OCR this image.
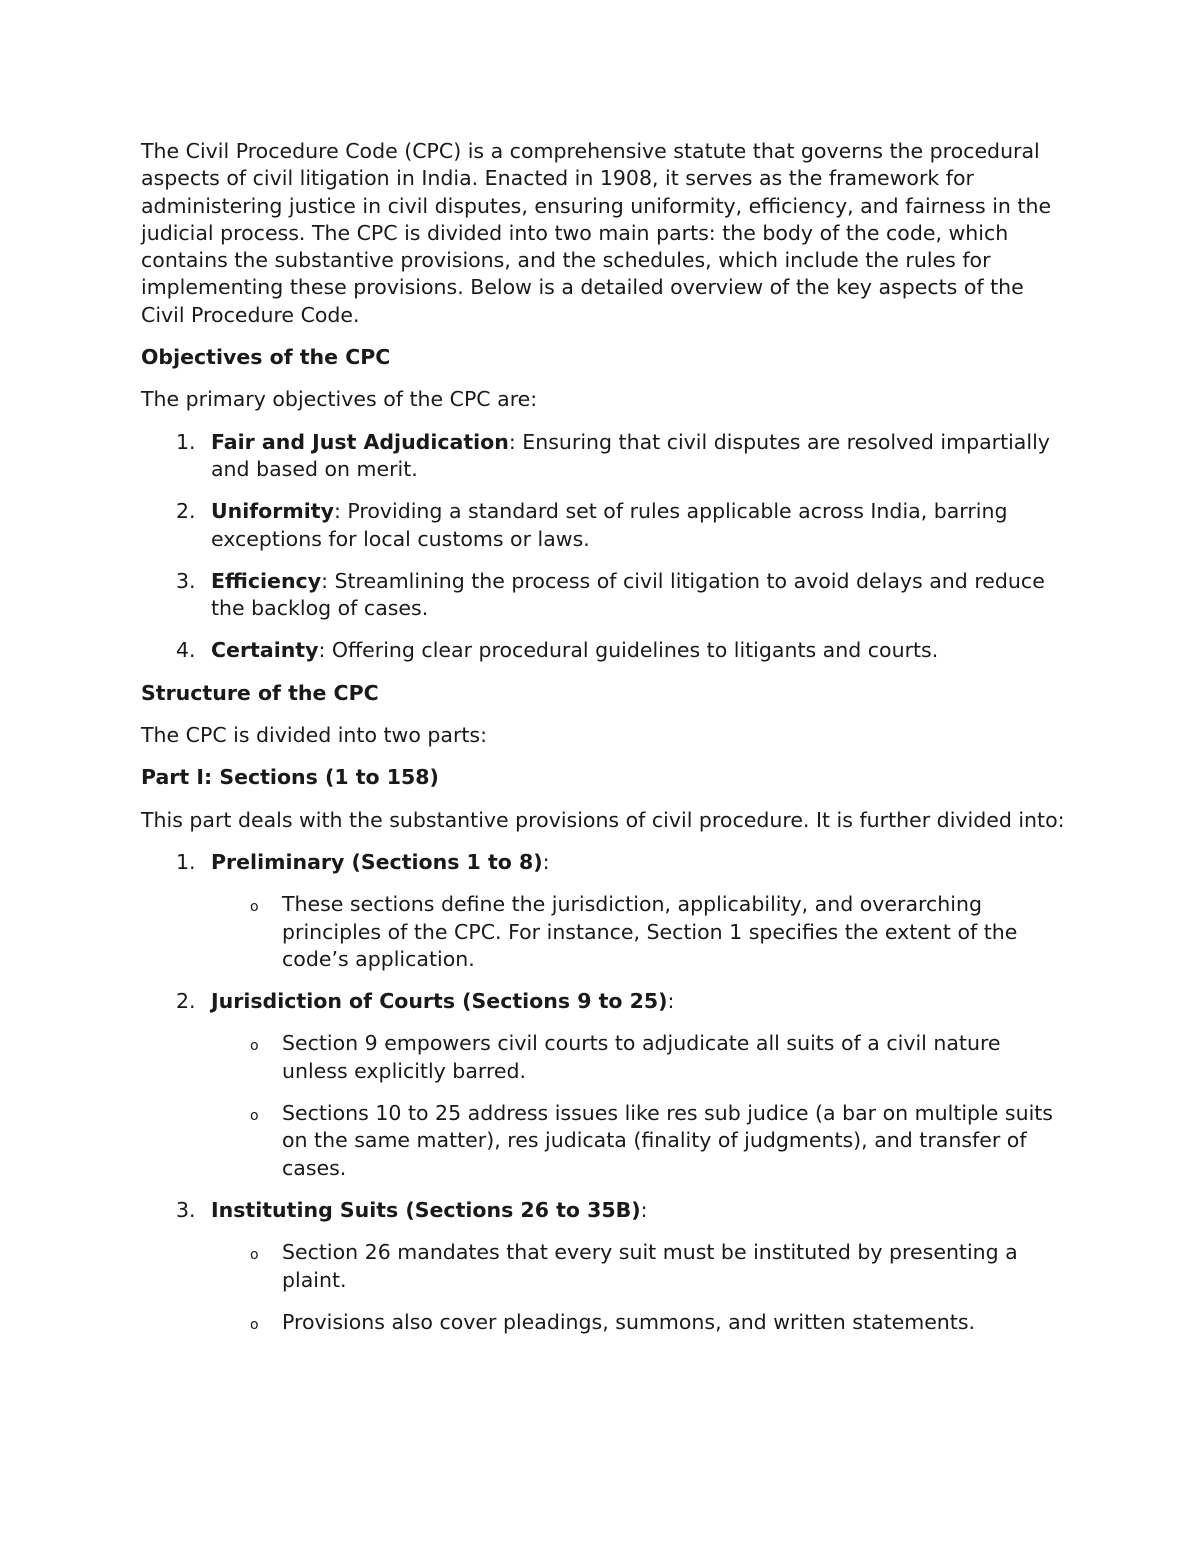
The Civil Procedure Code (CPC) is a comprehensive statute that governs the procedural aspects of civil litigation in India. Enacted in 1908, it serves as the framework for administering justice in civil disputes, ensuring uniformity, efficiency, and fairness in the judicial process. The CPC is divided into two main parts: the body of the code, which contains the substantive provisions, and the schedules, which include the rules for implementing these provisions. Below is a detailed overview of the key aspects of the Civil Procedure Code.

Objectives of the CPC

The primary objectives of the CPC are:

1. Fair and Just Adjudication: Ensuring that civil disputes are resolved impartially and based on merit.
2. Uniformity: Providing a standard set of rules applicable across India, barring exceptions for local customs or laws.
3. Efficiency: Streamlining the process of civil litigation to avoid delays and reduce the backlog of cases.
4. Certainty: Offering clear procedural guidelines to litigants and courts.
Structure of the CPC

The CPC is divided into two parts:

Part I: Sections (1 to 158)

This part deals with the substantive provisions of civil procedure. It is further divided into:

1. Preliminary (Sections 1 to 8):
o These sections define the jurisdiction, applicability, and overarching principles of the CPC. For instance, Section 1 specifies the extent of the code’s application.
2. Jurisdiction of Courts (Sections 9 to 25):
o Section 9 empowers civil courts to adjudicate all suits of a civil nature unless explicitly barred.
o Sections 10 to 25 address issues like res sub judice (a bar on multiple suits on the same matter), res judicata (finality of judgments), and transfer of cases.
3. Instituting Suits (Sections 26 to 35B):
o Section 26 mandates that every suit must be instituted by presenting a plaint.
o Provisions also cover pleadings, summons, and written statements.
